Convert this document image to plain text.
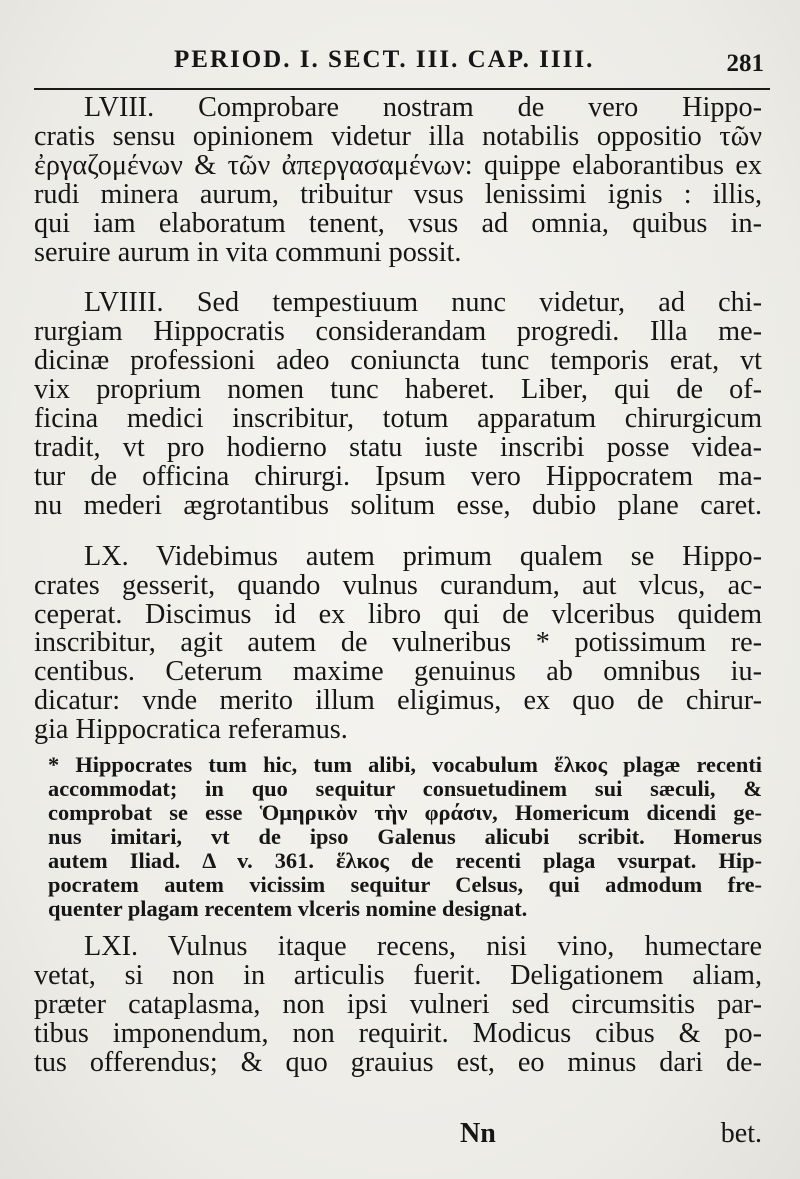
PERIOD. I. SECT. III. CAP. IIII.	281

LVIII. Comprobare nostram de vero Hippo-
cratis sensu opinionem videtur illa notabilis oppositio τῶν
ἐργαζομένων & τῶν ἀπεργασαμένων: quippe elaborantibus ex
rudi minera aurum, tribuitur vsus lenissimi ignis : illis,
qui iam elaboratum tenent, vsus ad omnia, quibus in-
seruire aurum in vita communi possit.

LVIIII. Sed tempestiuum nunc videtur, ad chi-
rurgiam Hippocratis considerandam progredi. Illa me-
dicinæ professioni adeo coniuncta tunc temporis erat, vt
vix proprium nomen tunc haberet. Liber, qui de of-
ficina medici inscribitur, totum apparatum chirurgicum
tradit, vt pro hodierno statu iuste inscribi posse videa-
tur de officina chirurgi. Ipsum vero Hippocratem ma-
nu mederi ægrotantibus solitum esse, dubio plane caret.

LX. Videbimus autem primum qualem se Hippo-
crates gesserit, quando vulnus curandum, aut vlcus, ac-
ceperat. Discimus id ex libro qui de vlceribus quidem
inscribitur, agit autem de vulneribus * potissimum re-
centibus. Ceterum maxime genuinus ab omnibus iu-
dicatur: vnde merito illum eligimus, ex quo de chirur-
gia Hippocratica referamus.

* Hippocrates tum hic, tum alibi, vocabulum ἕλκος plagæ recenti
accommodat; in quo sequitur consuetudinem sui sæculi, &
comprobat se esse Ὁμηρικὸν τὴν φράσιν, Homericum dicendi ge-
nus imitari, vt de ipso Galenus alicubi scribit. Homerus
autem Iliad. Δ v. 361. ἕλκος de recenti plaga vsurpat. Hip-
pocratem autem vicissim sequitur Celsus, qui admodum fre-
quenter plagam recentem vlceris nomine designat.

LXI. Vulnus itaque recens, nisi vino, humectare
vetat, si non in articulis fuerit. Deligationem aliam,
præter cataplasma, non ipsi vulneri sed circumsitis par-
tibus imponendum, non requirit. Modicus cibus & po-
tus offerendus; & quo grauius est, eo minus dari de-

Nn	bet.
